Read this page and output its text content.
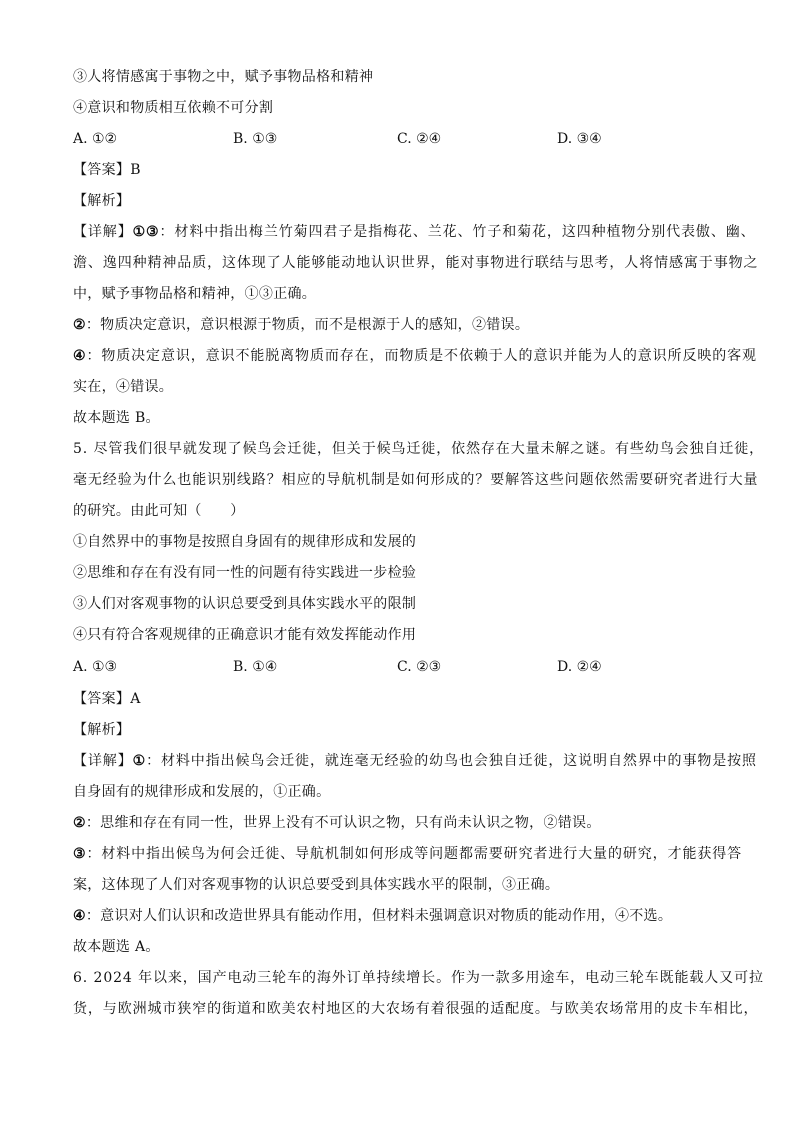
③人将情感寓于事物之中，赋予事物品格和精神
④意识和物质相互依赖不可分割
A. ①②	B. ①③	C. ②④	D. ③④
【答案】B
【解析】
【详解】①③：材料中指出梅兰竹菊四君子是指梅花、兰花、竹子和菊花，这四种植物分别代表傲、幽、
澹、逸四种精神品质，这体现了人能够能动地认识世界，能对事物进行联结与思考，人将情感寓于事物之
中，赋予事物品格和精神，①③正确。
②：物质决定意识，意识根源于物质，而不是根源于人的感知，②错误。
④：物质决定意识，意识不能脱离物质而存在，而物质是不依赖于人的意识并能为人的意识所反映的客观
实在，④错误。
故本题选 B。
5. 尽管我们很早就发现了候鸟会迁徙，但关于候鸟迁徙，依然存在大量未解之谜。有些幼鸟会独自迁徙，
毫无经验为什么也能识别线路？相应的导航机制是如何形成的？要解答这些问题依然需要研究者进行大量
的研究。由此可知（　　）
①自然界中的事物是按照自身固有的规律形成和发展的
②思维和存在有没有同一性的问题有待实践进一步检验
③人们对客观事物的认识总要受到具体实践水平的限制
④只有符合客观规律的正确意识才能有效发挥能动作用
A. ①③	B. ①④	C. ②③	D. ②④
【答案】A
【解析】
【详解】①：材料中指出候鸟会迁徙，就连毫无经验的幼鸟也会独自迁徙，这说明自然界中的事物是按照
自身固有的规律形成和发展的，①正确。
②：思维和存在有同一性，世界上没有不可认识之物，只有尚未认识之物，②错误。
③：材料中指出候鸟为何会迁徙、导航机制如何形成等问题都需要研究者进行大量的研究，才能获得答
案，这体现了人们对客观事物的认识总要受到具体实践水平的限制，③正确。
④：意识对人们认识和改造世界具有能动作用，但材料未强调意识对物质的能动作用，④不选。
故本题选 A。
6. 2024 年以来，国产电动三轮车的海外订单持续增长。作为一款多用途车，电动三轮车既能载人又可拉
货，与欧洲城市狭窄的街道和欧美农村地区的大农场有着很强的适配度。与欧美农场常用的皮卡车相比，
